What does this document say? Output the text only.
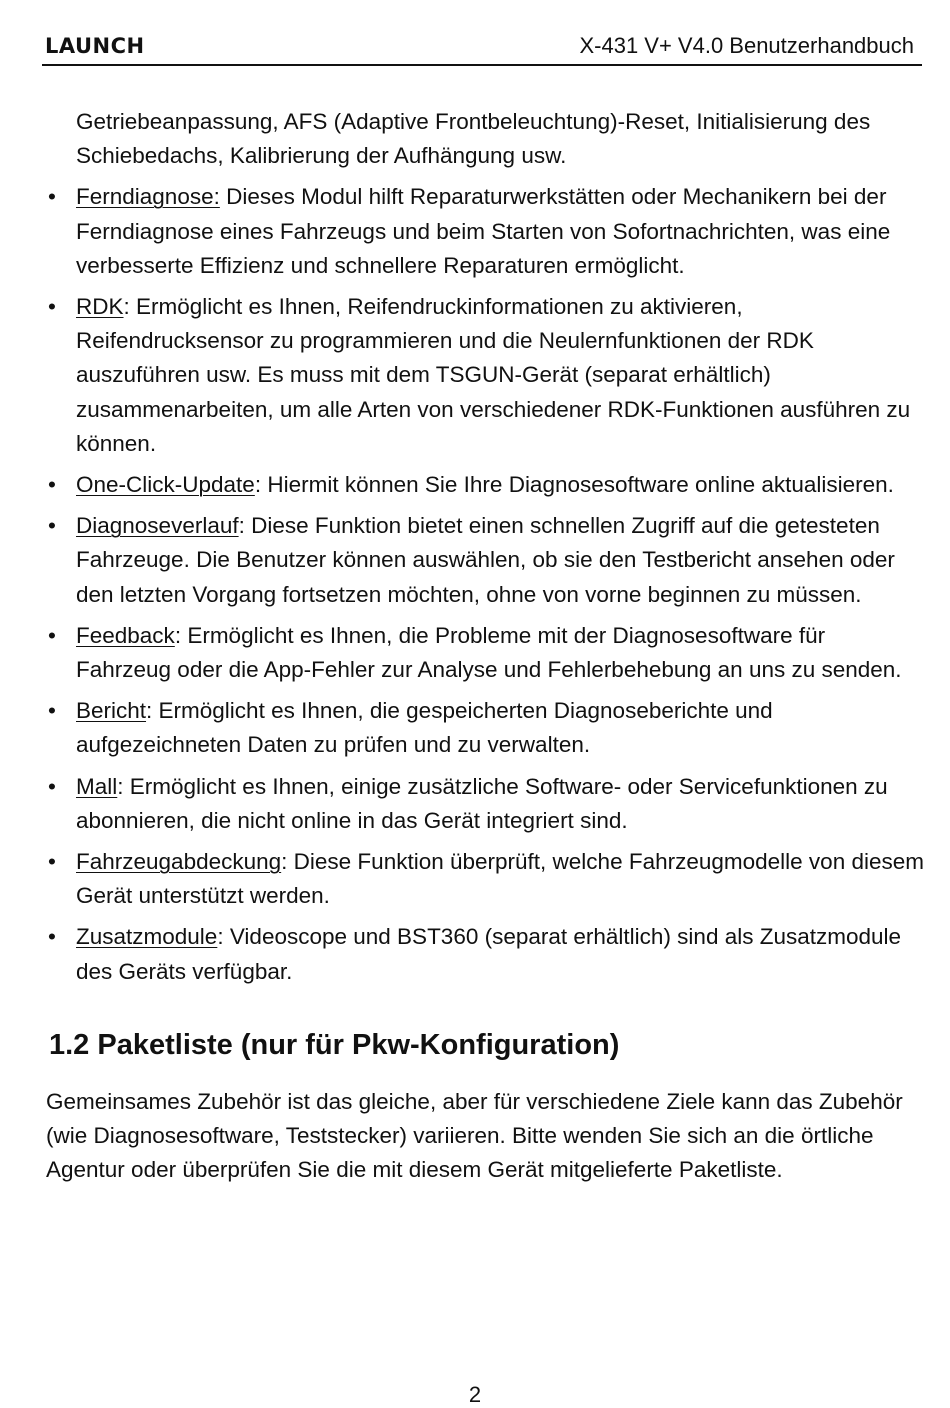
LAUNCH	X-431 V+ V4.0 Benutzerhandbuch

Getriebeanpassung, AFS (Adaptive Frontbeleuchtung)-Reset, Initialisierung des Schiebedachs, Kalibrierung der Aufhängung usw.

• Ferndiagnose: Dieses Modul hilft Reparaturwerkstätten oder Mechanikern bei der Ferndiagnose eines Fahrzeugs und beim Starten von Sofortnachrichten, was eine verbesserte Effizienz und schnellere Reparaturen ermöglicht.
• RDK: Ermöglicht es Ihnen, Reifendruckinformationen zu aktivieren, Reifendrucksensor zu programmieren und die Neulernfunktionen der RDK auszuführen usw. Es muss mit dem TSGUN-Gerät (separat erhältlich) zusammenarbeiten, um alle Arten von verschiedener RDK-Funktionen ausführen zu können.
• One-Click-Update: Hiermit können Sie Ihre Diagnosesoftware online aktualisieren.
• Diagnoseverlauf: Diese Funktion bietet einen schnellen Zugriff auf die getesteten Fahrzeuge. Die Benutzer können auswählen, ob sie den Testbericht ansehen oder den letzten Vorgang fortsetzen möchten, ohne von vorne beginnen zu müssen.
• Feedback: Ermöglicht es Ihnen, die Probleme mit der Diagnosesoftware für Fahrzeug oder die App-Fehler zur Analyse und Fehlerbehebung an uns zu senden.
• Bericht: Ermöglicht es Ihnen, die gespeicherten Diagnoseberichte und aufgezeichneten Daten zu prüfen und zu verwalten.
• Mall: Ermöglicht es Ihnen, einige zusätzliche Software- oder Servicefunktionen zu abonnieren, die nicht online in das Gerät integriert sind.
• Fahrzeugabdeckung: Diese Funktion überprüft, welche Fahrzeugmodelle von diesem Gerät unterstützt werden.
• Zusatzmodule: Videoscope und BST360 (separat erhältlich) sind als Zusatzmodule des Geräts verfügbar.
1.2 Paketliste (nur für Pkw-Konfiguration)

Gemeinsames Zubehör ist das gleiche, aber für verschiedene Ziele kann das Zubehör (wie Diagnosesoftware, Teststecker) variieren. Bitte wenden Sie sich an die örtliche Agentur oder überprüfen Sie die mit diesem Gerät mitgelieferte Paketliste.

2
